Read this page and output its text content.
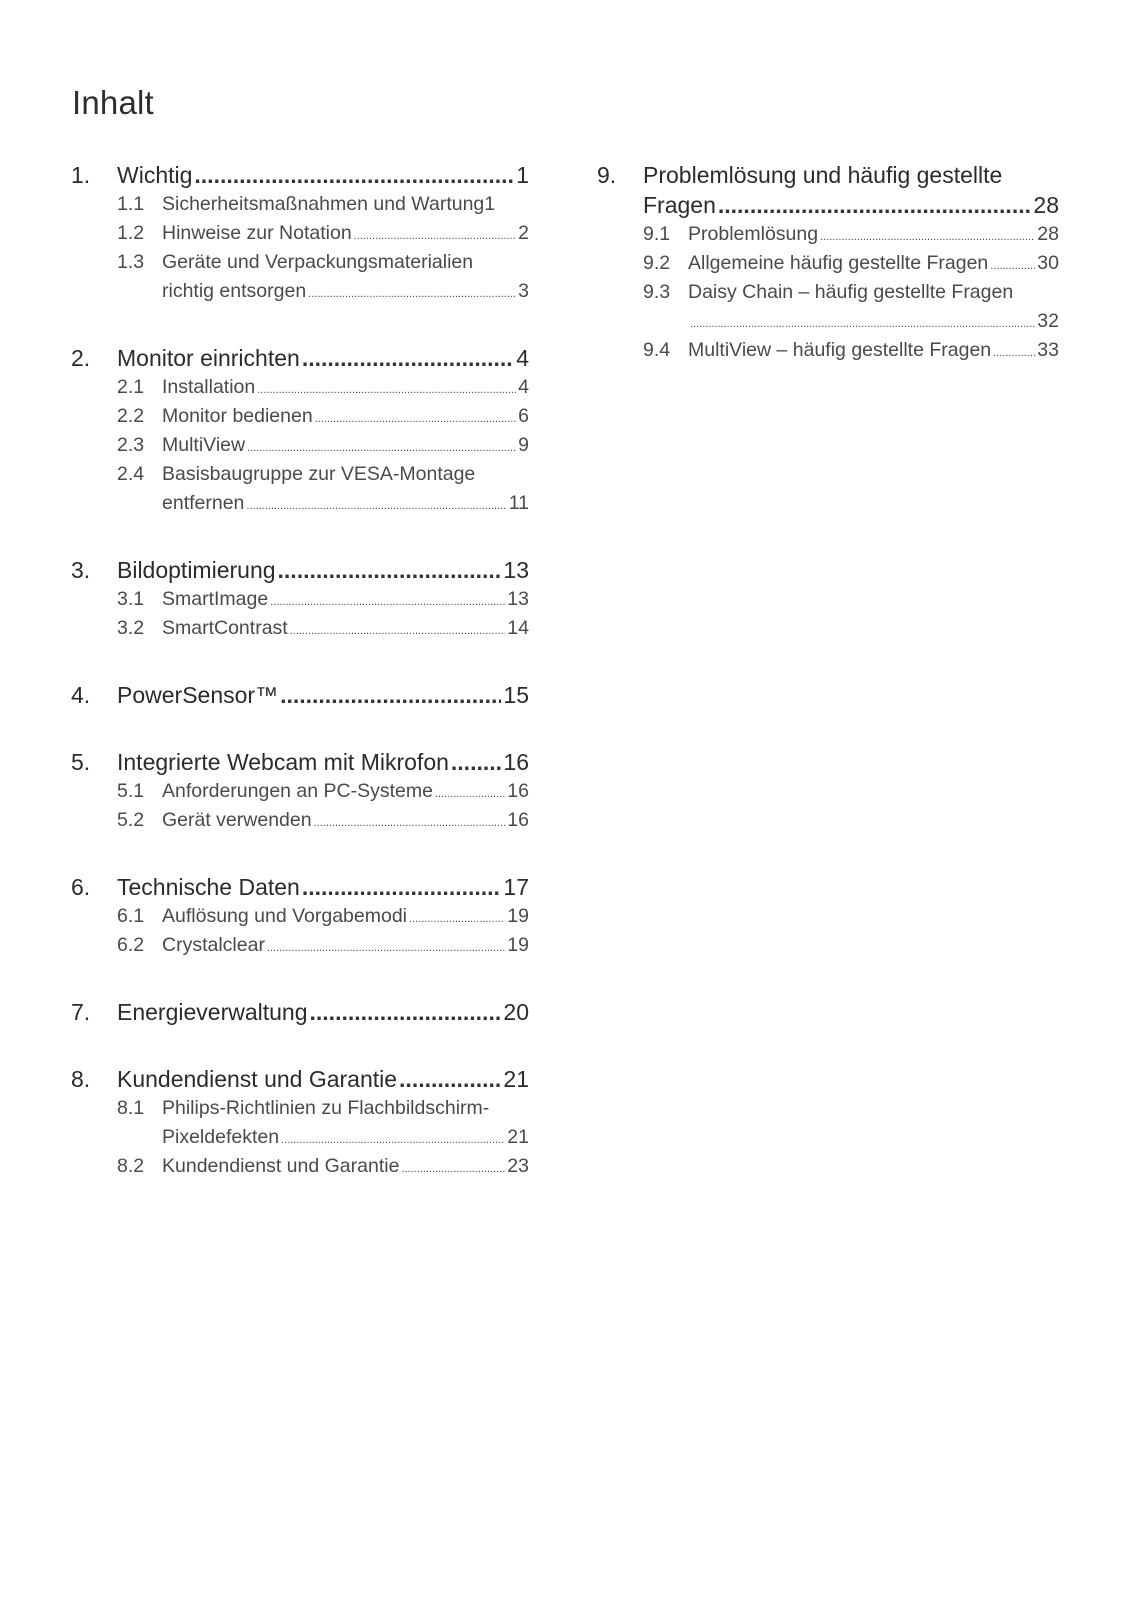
Inhalt
1.	Wichtig .....	1
1.1 Sicherheitsmaßnahmen und Wartung 1
1.2 Hinweise zur Notation .....	2
1.3 Geräte und Verpackungsmaterialien
richtig entsorgen .....	3
2.	Monitor einrichten .....	4
2.1 Installation .....	4
2.2 Monitor bedienen .....	6
2.3 MultiView .....	9
2.4 Basisbaugruppe zur VESA-Montage
entfernen .....	11
3.	Bildoptimierung .....	13
3.1 SmartImage .....	13
3.2 SmartContrast .....	14
4.	PowerSensor™ .....	15
5.	Integrierte Webcam mit Mikrofon ..... 16
5.1 Anforderungen an PC-Systeme .....	16
5.2 Gerät verwenden .....	16
6.	Technische Daten .....	17
6.1 Auflösung und Vorgabemodi .....	19
6.2 Crystalclear .....	19
7.	Energieverwaltung .....	20
8.	Kundendienst und Garantie .....	21
8.1 Philips-Richtlinien zu Flachbildschirm-
Pixeldefekten .....	21
8.2 Kundendienst und Garantie .....	23
9.	Problemlösung und häufig gestellte
Fragen .....	28
9.1 Problemlösung .....	28
9.2 Allgemeine häufig gestellte Fragen .....	30
9.3 Daisy Chain – häufig gestellte Fragen
.....
32
9.4 MultiView – häufig gestellte Fragen ..... 33
